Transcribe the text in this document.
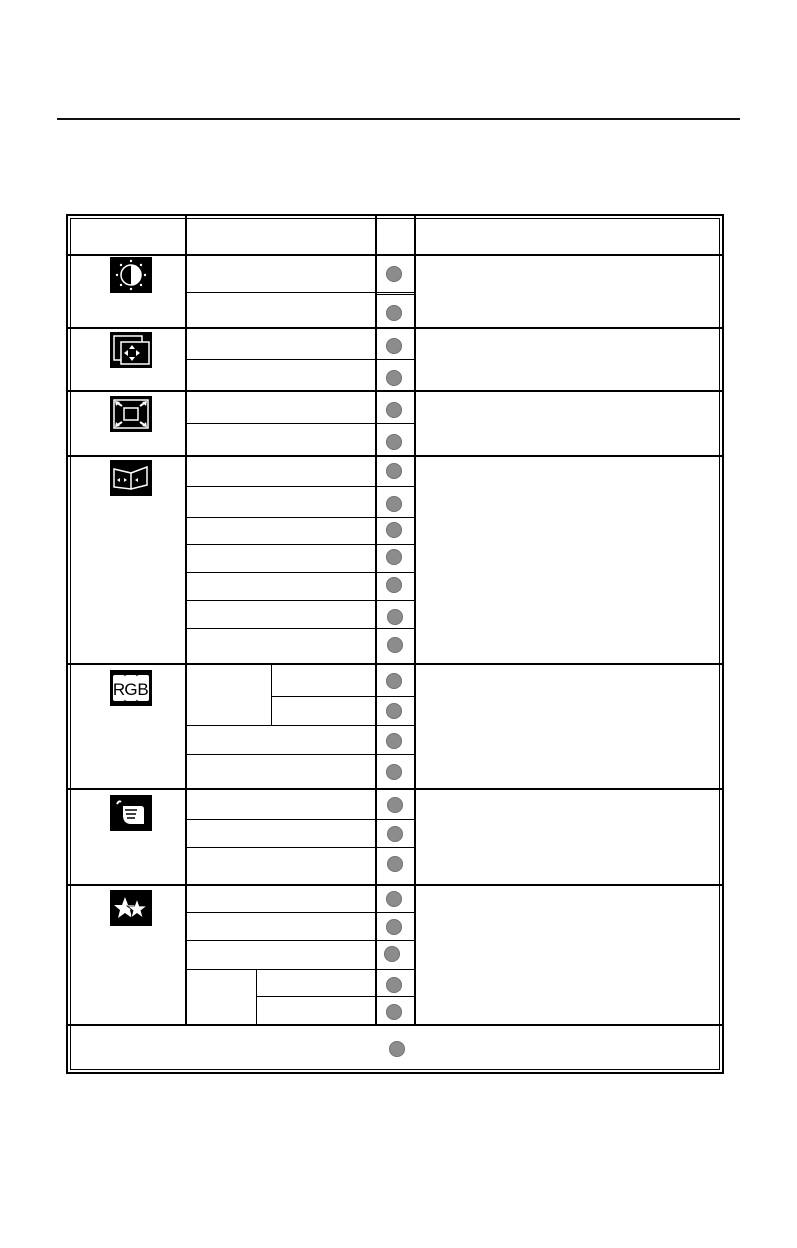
R G B
